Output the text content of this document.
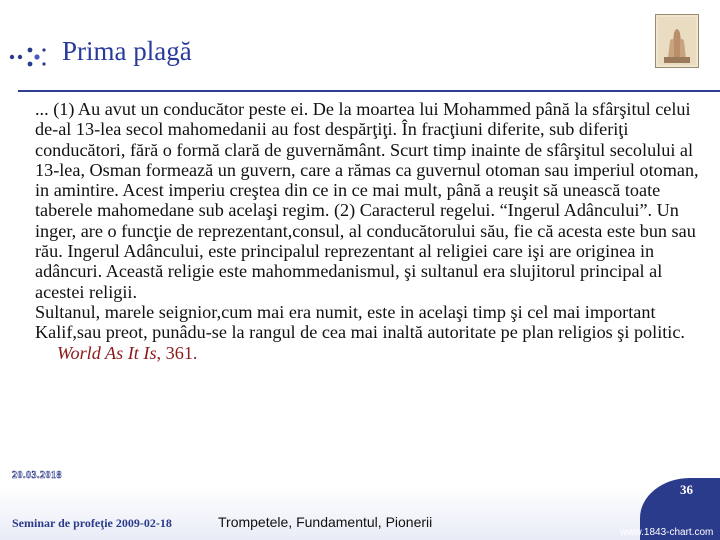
Prima plagă

... (1) Au avut un conducător peste ei. De la moartea lui Mohammed până la sfârşitul celui de-al 13-lea secol mahomedanii au fost despărţiţi. În fracţiuni diferite, sub diferiţi conducători, fără o formă clară de guvernământ. Scurt timp inainte de sfârşitul secolului al 13-lea, Osman formează un guvern, care a rămas ca guvernul otoman sau imperiul otoman, in amintire. Acest imperiu creştea din ce in ce mai mult, până a reuşit să unească toate taberele mahomedane sub acelaşi regim. (2) Caracterul regelui. “Ingerul Adâncului”. Un inger, are o funcţie de reprezentant,consul, al conducătorului său, fie că acesta este bun sau rău. Ingerul Adâncului, este principalul reprezentant al religiei care işi are originea in adâncuri. Această religie este mahommedanismul, şi sultanul era slujitorul principal al acestei religii.

Sultanul, marele seignior,cum mai era numit, este in acelaşi timp şi cel mai important Kalif,sau preot, punâdu-se la rangul de cea mai inaltă autoritate pe plan religios şi politic.

World As It Is, 361.

20.03.2018
Seminar de profeţie 2009-02-18	Trompetele, Fundamentul, Pionerii
36
www.1843-chart.com
